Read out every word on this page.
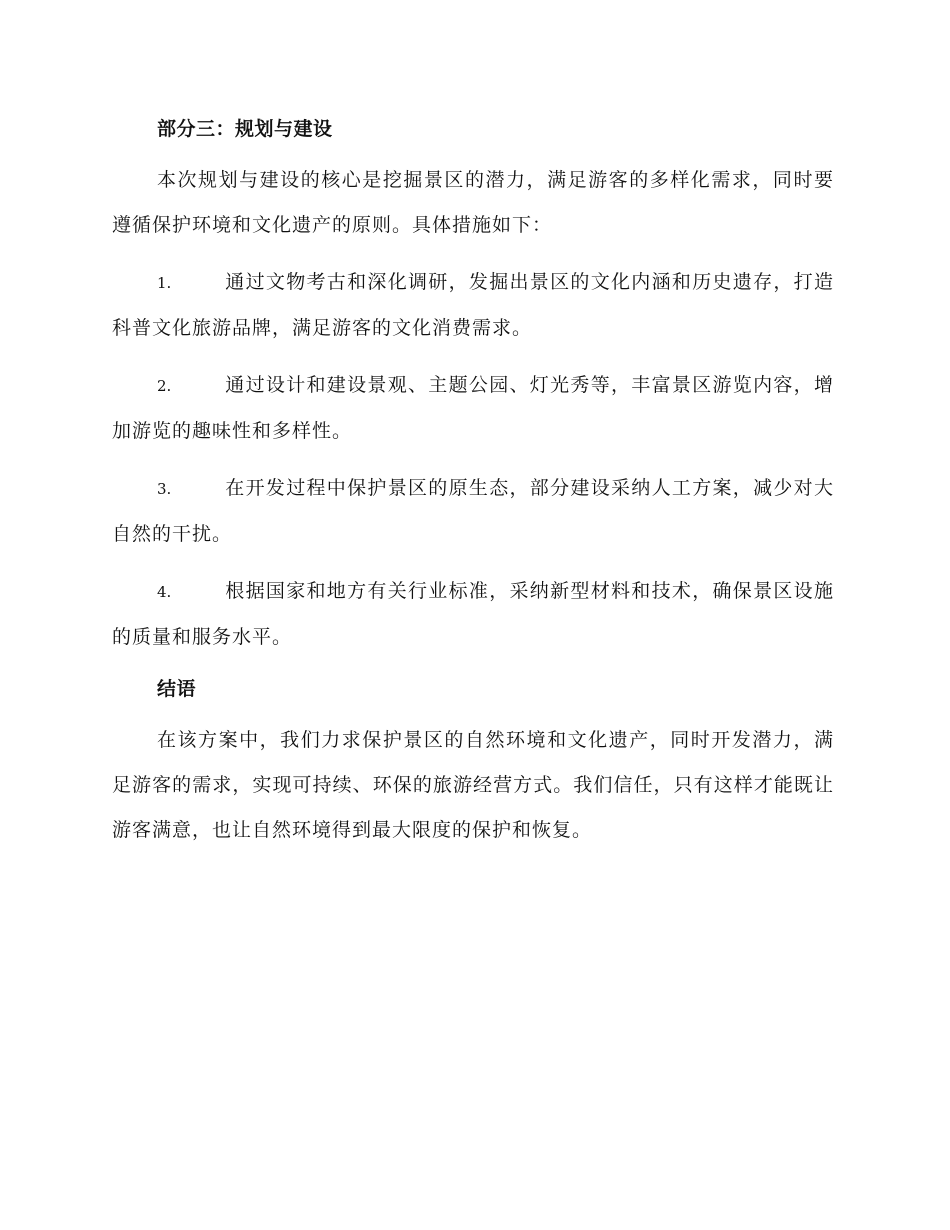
部分三：规划与建设

本次规划与建设的核心是挖掘景区的潜力，满足游客的多样化需求，同时要遵循保护环境和文化遗产的原则。具体措施如下：

1.	通过文物考古和深化调研，发掘出景区的文化内涵和历史遗存，打造科普文化旅游品牌，满足游客的文化消费需求。

2.	通过设计和建设景观、主题公园、灯光秀等，丰富景区游览内容，增加游览的趣味性和多样性。

3.	在开发过程中保护景区的原生态，部分建设采纳人工方案，减少对大自然的干扰。

4.	根据国家和地方有关行业标准，采纳新型材料和技术，确保景区设施的质量和服务水平。

结语

在该方案中，我们力求保护景区的自然环境和文化遗产，同时开发潜力，满足游客的需求，实现可持续、环保的旅游经营方式。我们信任，只有这样才能既让游客满意，也让自然环境得到最大限度的保护和恢复。
